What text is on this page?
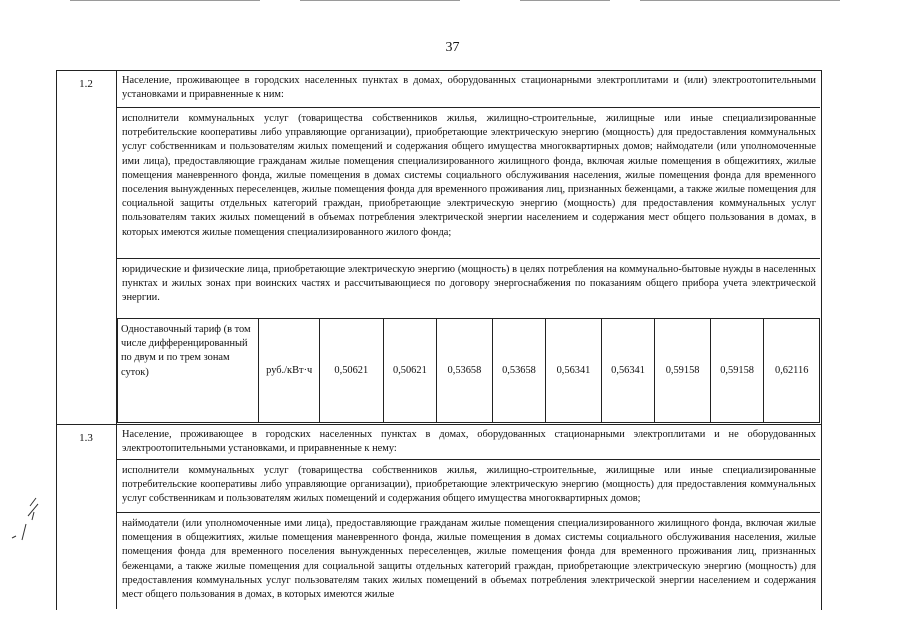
37
1.2	Население, проживающее в городских населенных пунктах в домах, оборудованных стационарными электроплитами и (или) электроотопительными установками и приравненные к ним:

исполнители коммунальных услуг (товарищества собственников жилья, жилищно-строительные, жилищные или иные специализированные потребительские кооперативы либо управляющие организации), приобретающие электрическую энергию (мощность) для предоставления коммунальных услуг собственникам и пользователям жилых помещений и содержания общего имущества многоквартирных домов; наймодатели (или уполномоченные ими лица), предоставляющие гражданам жилые помещения специализированного жилищного фонда, включая жилые помещения в общежитиях, жилые помещения маневренного фонда, жилые помещения в домах системы социального обслуживания населения, жилые помещения фонда для временного поселения вынужденных переселенцев, жилые помещения фонда для временного проживания лиц, признанных беженцами, а также жилые помещения для социальной защиты отдельных категорий граждан, приобретающие электрическую энергию (мощность) для предоставления коммунальных услуг пользователям таких жилых помещений в объемах потребления электрической энергии населением и содержания мест общего пользования в домах, в которых имеются жилые помещения специализированного жилого фонда;

юридические и физические лица, приобретающие электрическую энергию (мощность) в целях потребления на коммунально-бытовые нужды в населенных пунктах и жилых зонах при воинских частях и рассчитывающиеся по договору энергоснабжения по показаниям общего прибора учета электрической энергии.

Одноставочный тариф (в том числе дифференцированный по двум и по трем зонам суток)	руб./кВт·ч	0,50621	0,50621	0,53658	0,53658	0,56341	0,56341	0,59158	0,59158	0,62116
1.3	Население, проживающее в городских населенных пунктах в домах, оборудованных стационарными электроплитами и не оборудованных электроотопительными установками, и приравненные к нему:

исполнители коммунальных услуг (товарищества собственников жилья, жилищно-строительные, жилищные или иные специализированные потребительские кооперативы либо управляющие организации), приобретающие электрическую энергию (мощность) для предоставления коммунальных услуг собственникам и пользователям жилых помещений и содержания общего имущества многоквартирных домов;

наймодатели (или уполномоченные ими лица), предоставляющие гражданам жилые помещения специализированного жилищного фонда, включая жилые помещения в общежитиях, жилые помещения маневренного фонда, жилые помещения в домах системы социального обслуживания населения, жилые помещения фонда для временного поселения вынужденных переселенцев, жилые помещения фонда для временного проживания лиц, признанных беженцами, а также жилые помещения для социальной защиты отдельных категорий граждан, приобретающие электрическую энергию (мощность) для предоставления коммунальных услуг пользователям таких жилых помещений в объемах потребления электрической энергии населением и содержания мест общего пользования в домах, в которых имеются жилые
